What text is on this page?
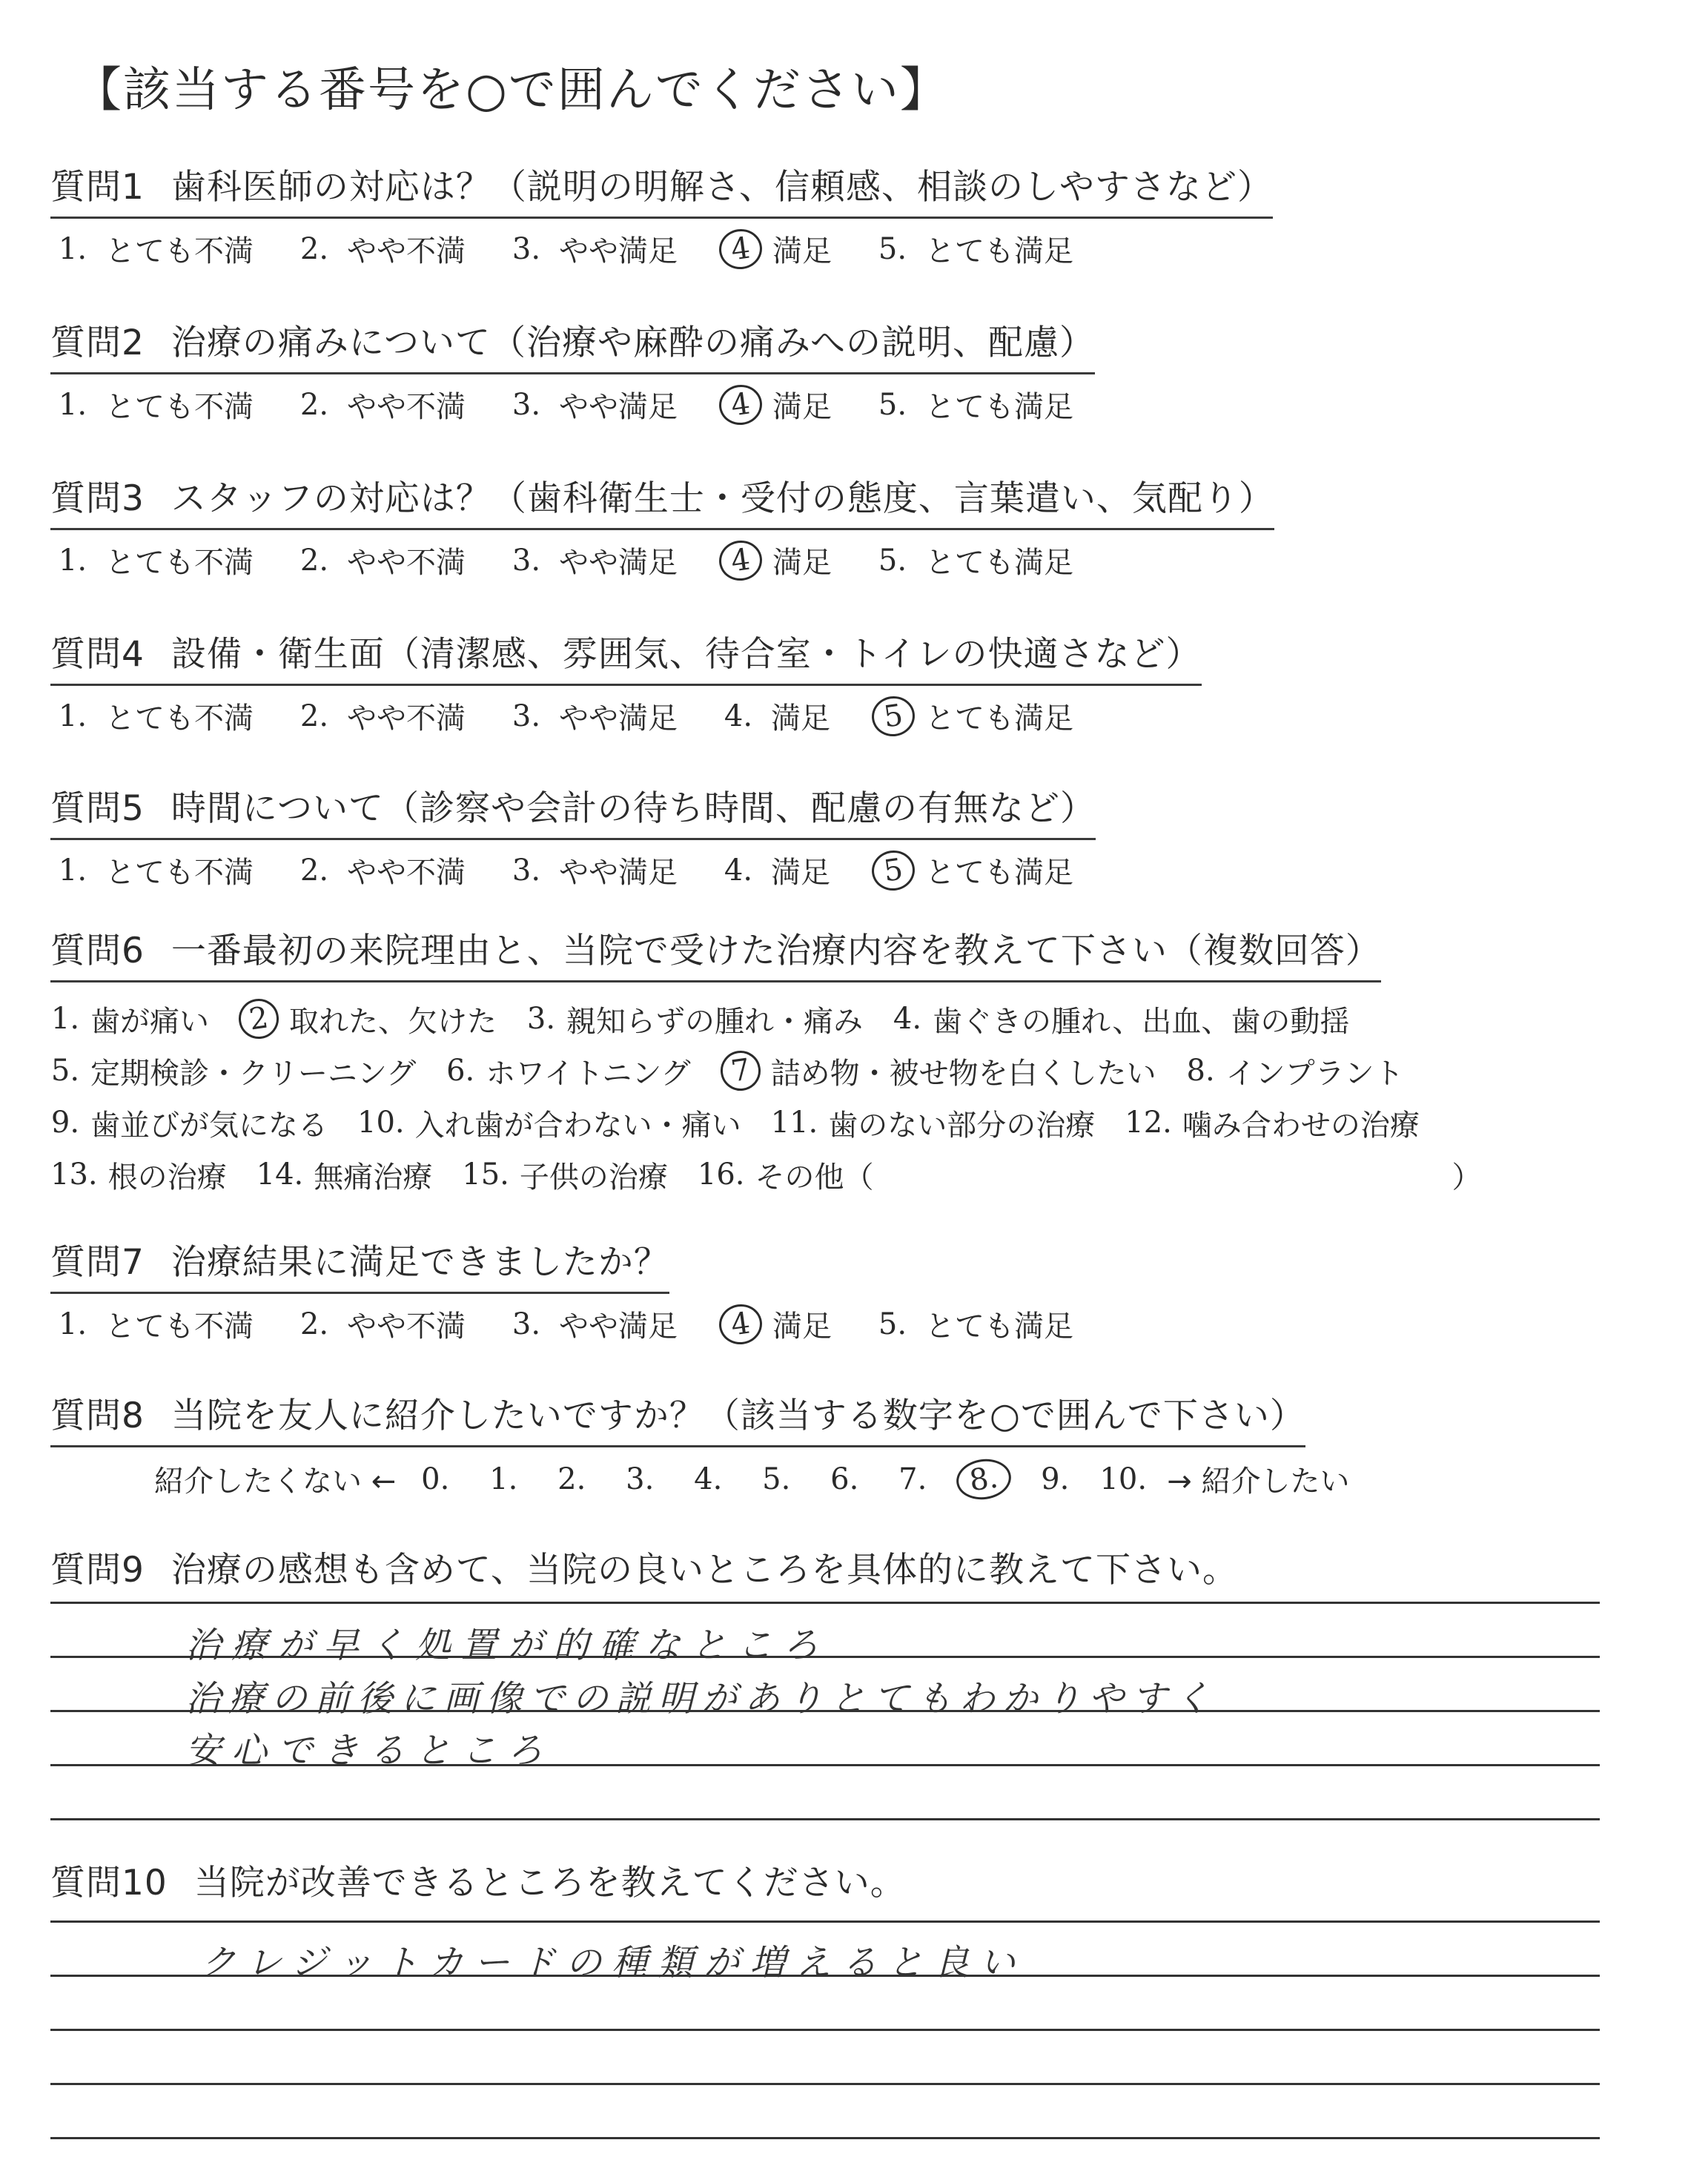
【該当する番号を○で囲んでください】
質問1 歯科医師の対応は？（説明の明解さ、信頼感、相談のしやすさなど）
1. とても不満 2. やや不満 3. やや満足	4 満足 5. とても満足
質問2 治療の痛みについて（治療や麻酔の痛みへの説明、配慮）
1. とても不満 2. やや不満 3. やや満足	4 満足 5. とても満足
質問3 スタッフの対応は？（歯科衛生士・受付の態度、言葉遣い、気配り）
1. とても不満 2. やや不満 3. やや満足	4 満足 5. とても満足
質問4 設備・衛生面（清潔感、雰囲気、待合室・トイレの快適さなど）
1. とても不満 2. やや不満 3. やや満足 4. 満足	5 とても満足
質問5 時間について（診察や会計の待ち時間、配慮の有無など）
1. とても不満 2. やや不満 3. やや満足 4. 満足	5 とても満足
質問6 一番最初の来院理由と、当院で受けた治療内容を教えて下さい（複数回答）
1. 歯が痛い	2 取れた、欠けた 3. 親知らずの腫れ・痛み 4. 歯ぐきの腫れ、出血、歯の動揺
5. 定期検診・クリーニング 6. ホワイトニング	7 詰め物・被せ物を白くしたい 8. インプラント
9. 歯並びが気になる 10. 入れ歯が合わない・痛い 11. 歯のない部分の治療 12. 噛み合わせの治療
13. 根の治療 14. 無痛治療 15. 子供の治療 16. その他（	）
質問7 治療結果に満足できましたか？
1. とても不満 2. やや不満 3. やや満足	4 満足 5. とても満足
質問8 当院を友人に紹介したいですか？（該当する数字を○で囲んで下さい）
紹介したくない ← 0.	1.	2.	3.	4.	5.	6.	7.	8.	9.	10. → 紹介したい
質問9 治療の感想も含めて、当院の良いところを具体的に教えて下さい。
治療が早く処置が的確なところ
治療の前後に画像での説明がありとてもわかりやすく
安心できるところ
質問10 当院が改善できるところを教えてください。
クレジットカードの種類が増えると良い
